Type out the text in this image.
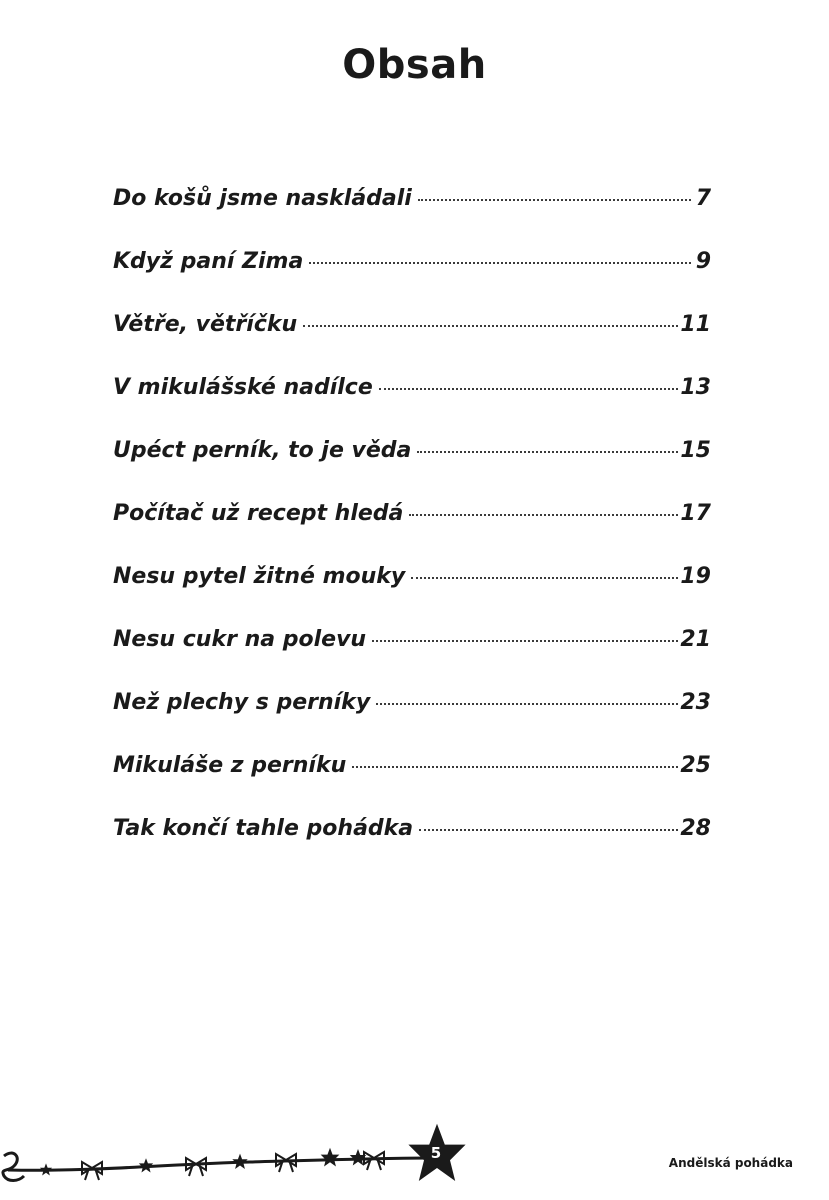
Obsah
Do košů jsme naskládali	7
Když paní Zima	9
Větře, větříčku	11
V mikulášské nadílce	13
Upéct perník, to je věda	15
Počítač už recept hledá	17
Nesu pytel žitné mouky	19
Nesu cukr na polevu	21
Než plechy s perníky	23
Mikuláše z perníku	25
Tak končí tahle pohádka	28
5
Andělská pohádka
